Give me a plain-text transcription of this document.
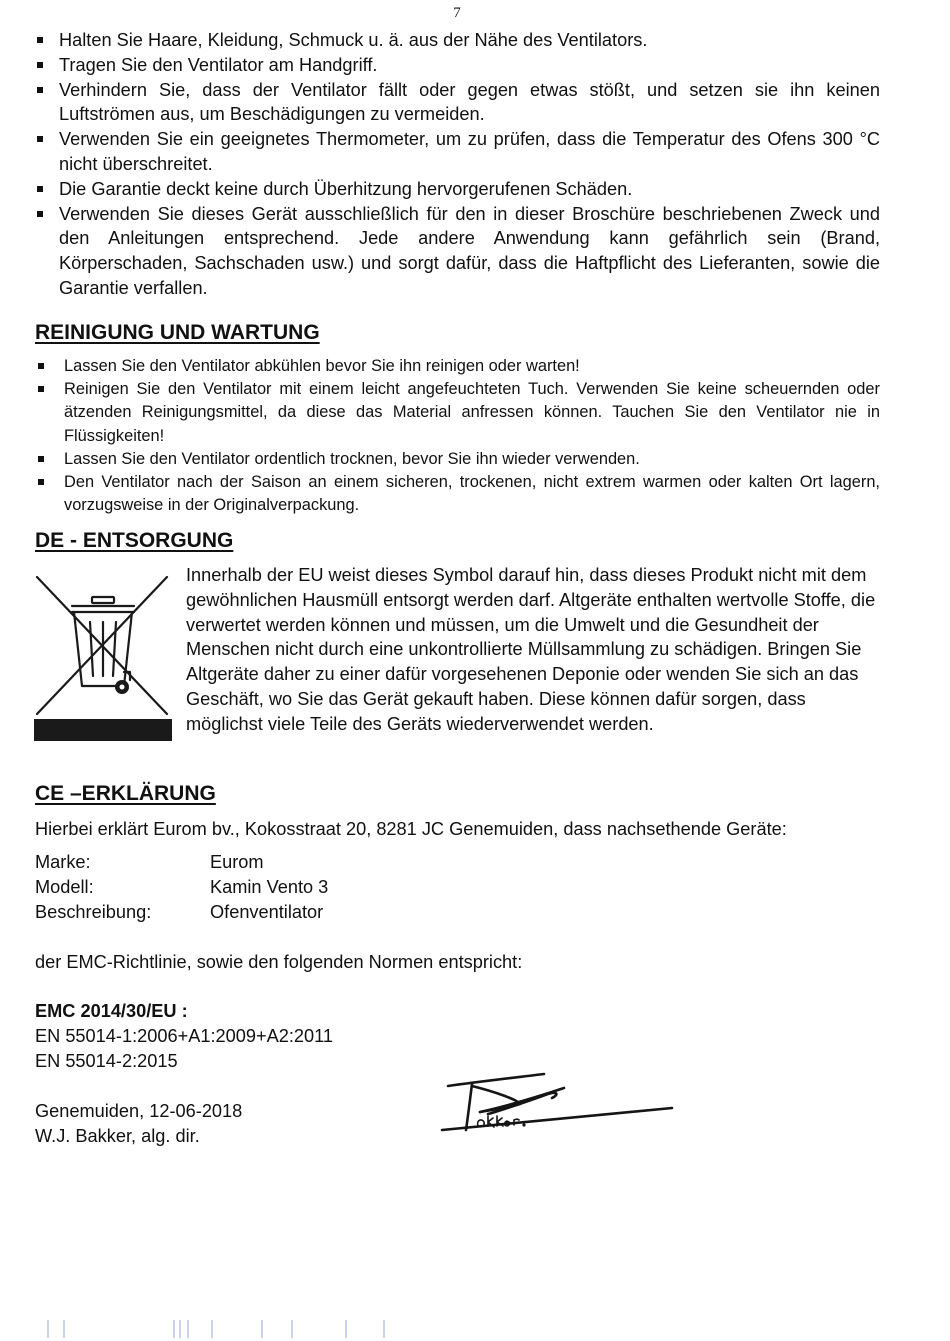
7
Halten Sie Haare, Kleidung, Schmuck u. ä. aus der Nähe des Ventilators.
Tragen Sie den Ventilator am Handgriff.
Verhindern Sie, dass der Ventilator fällt oder gegen etwas stößt, und setzen sie ihn keinen Luftströmen aus, um Beschädigungen zu vermeiden.
Verwenden Sie ein geeignetes Thermometer, um zu prüfen, dass die Temperatur des Ofens 300 °C nicht überschreitet.
Die Garantie deckt keine durch Überhitzung hervorgerufenen Schäden.
Verwenden Sie dieses Gerät ausschließlich für den in dieser Broschüre beschriebenen Zweck und den Anleitungen entsprechend. Jede andere Anwendung kann gefährlich sein (Brand, Körperschaden, Sachschaden usw.) und sorgt dafür, dass die Haftpflicht des Lieferanten, sowie die Garantie verfallen.
REINIGUNG UND WARTUNG
Lassen Sie den Ventilator abkühlen bevor Sie ihn reinigen oder warten!
Reinigen Sie den Ventilator mit einem leicht angefeuchteten Tuch. Verwenden Sie keine scheuernden oder ätzenden Reinigungsmittel, da diese das Material anfressen können. Tauchen Sie den Ventilator nie in Flüssigkeiten!
Lassen Sie den Ventilator ordentlich trocknen, bevor Sie ihn wieder verwenden.
Den Ventilator nach der Saison an einem sicheren, trockenen, nicht extrem warmen oder kalten Ort lagern, vorzugsweise in der Originalverpackung.
DE - ENTSORGUNG

Innerhalb der EU weist dieses Symbol darauf hin, dass dieses Produkt nicht mit dem gewöhnlichen Hausmüll entsorgt werden darf. Altgeräte enthalten wertvolle Stoffe, die verwertet werden können und müssen, um die Umwelt und die Gesundheit der Menschen nicht durch eine unkontrollierte Müllsammlung zu schädigen. Bringen Sie Altgeräte daher zu einer dafür vorgesehenen Deponie oder wenden Sie sich an das Geschäft, wo Sie das Gerät gekauft haben. Diese können dafür sorgen, dass möglichst viele Teile des Geräts wiederverwendet werden.

CE –ERKLÄRUNG

Hierbei erklärt Eurom bv., Kokosstraat 20, 8281 JC Genemuiden, dass nachsethende Geräte:

Marke:	Eurom
Modell:	Kamin Vento 3
Beschreibung:	Ofenventilator

der EMC-Richtlinie, sowie den folgenden Normen entspricht:

EMC 2014/30/EU :

EN 55014-1:2006+A1:2009+A2:2011

EN 55014-2:2015

Genemuiden, 12-06-2018

W.J. Bakker, alg. dir.
